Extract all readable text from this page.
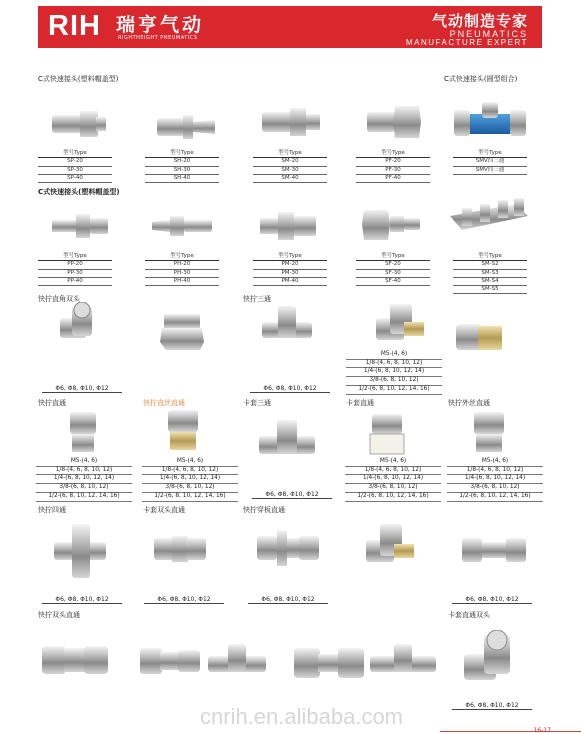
RIH 瑞亨气动
RIGHTHEIGHT PNEUMATICS
气动制造专家
PNEUMATICS
MANUFACTURE EXPERT
C式快速接头(塑料帽盖型)	C式快速接头(圆型组合)
型号Type
SP-20
SP-30
SP-40
型号Type
SH-20
SH-30
SH-40
型号Type
SM-20
SM-30
SM-40
型号Type
PF-20
PF-30
PF-40
型号Type
SMV四三通
SMV四三通
C式快速接头(塑料帽盖型)
型号Type
PP-20
PP-30
PP-40
型号Type
PH-20
PH-30
PH-40
型号Type
PM-20
PM-30
PM-40
型号Type
SF-20
SF-30
SF-40
型号Type
SM-S2
SM-S3
SM-S4
SM-S5
快拧直角双头	快拧三通
Φ6, Φ8, Φ10, Φ12	Φ6, Φ8, Φ10, Φ12
M5-(4, 6)
1/8-(4, 6, 8, 10, 12)
1/4-(6, 8, 10, 12, 14)
3/8-(6, 8, 10, 12)
1/2-(6, 8, 10, 12, 14, 16)
快拧直通	快拧直丝直通	卡套三通	卡套直通	快拧外丝直通
M5-(4, 6)
1/8-(4, 6, 8, 10, 12)
1/4-(6, 8, 10, 12, 14)
3/8-(6, 8, 10, 12)
1/2-(6, 8, 10, 12, 14, 16)
M5-(4, 6)
1/8-(4, 6, 8, 10, 12)
1/4-(6, 8, 10, 12, 14)
3/8-(6, 8, 10, 12)
1/2-(6, 8, 10, 12, 14, 16)	Φ6, Φ8, Φ10, Φ12
M5-(4, 6)
1/8-(4, 6, 8, 10, 12)
1/4-(6, 8, 10, 12, 14)
3/8-(6, 8, 10, 12)
1/2-(6, 8, 10, 12, 14, 16)
M5-(4, 6)
1/8-(4, 6, 8, 10, 12)
1/4-(6, 8, 10, 12, 14)
3/8-(6, 8, 10, 12)
1/2-(6, 8, 10, 12, 14, 16)
快拧四通	卡套双头直通	快拧穿板直通
Φ6, Φ8, Φ10, Φ12	Φ6, Φ8, Φ10, Φ12	Φ6, Φ8, Φ10, Φ12	Φ6, Φ8, Φ10, Φ12
快拧双头直通	卡套直通双头
Φ6, Φ8, Φ10, Φ12
cnrih.en.alibaba.com
16-17
